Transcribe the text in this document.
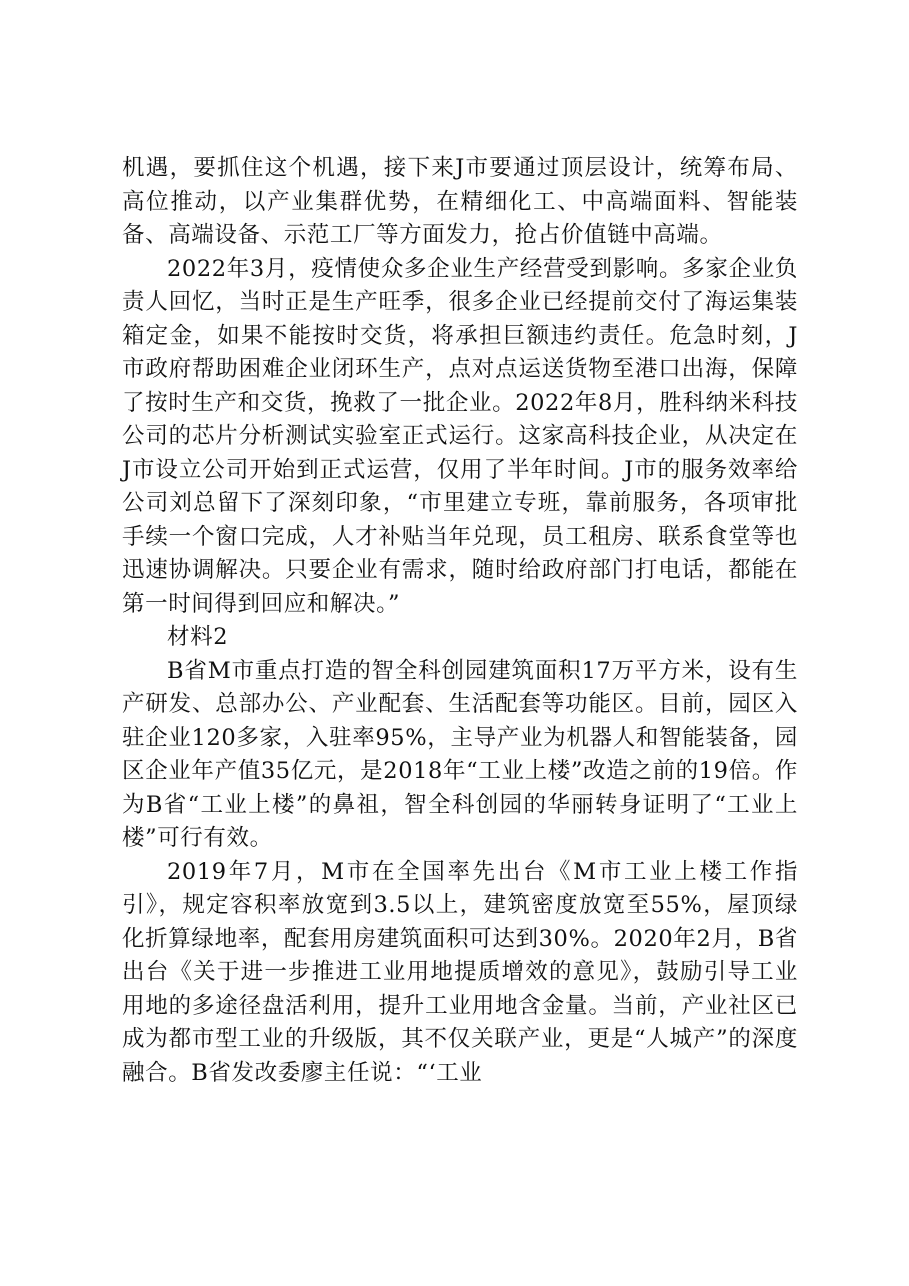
机遇，要抓住这个机遇，接下来J市要通过顶层设计，统筹布局、高位推动，以产业集群优势，在精细化工、中高端面料、智能装备、高端设备、示范工厂等方面发力，抢占价值链中高端。

2022年3月，疫情使众多企业生产经营受到影响。多家企业负责人回忆，当时正是生产旺季，很多企业已经提前交付了海运集装箱定金，如果不能按时交货，将承担巨额违约责任。危急时刻，J市政府帮助困难企业闭环生产，点对点运送货物至港口出海，保障了按时生产和交货，挽救了一批企业。2022年8月，胜科纳米科技公司的芯片分析测试实验室正式运行。这家高科技企业，从决定在J市设立公司开始到正式运营，仅用了半年时间。J市的服务效率给公司刘总留下了深刻印象，“市里建立专班，靠前服务，各项审批手续一个窗口完成，人才补贴当年兑现，员工租房、联系食堂等也迅速协调解决。只要企业有需求，随时给政府部门打电话，都能在第一时间得到回应和解决。”

材料2

B省M市重点打造的智全科创园建筑面积17万平方米，设有生产研发、总部办公、产业配套、生活配套等功能区。目前，园区入驻企业120多家，入驻率95%，主导产业为机器人和智能装备，园区企业年产值35亿元，是2018年“工业上楼”改造之前的19倍。作为B省“工业上楼”的鼻祖，智全科创园的华丽转身证明了“工业上楼”可行有效。

2019年7月，M市在全国率先出台《M市工业上楼工作指引》，规定容积率放宽到3.5以上，建筑密度放宽至55%，屋顶绿化折算绿地率，配套用房建筑面积可达到30%。2020年2月，B省出台《关于进一步推进工业用地提质增效的意见》，鼓励引导工业用地的多途径盘活利用，提升工业用地含金量。当前，产业社区已成为都市型工业的升级版，其不仅关联产业，更是“人城产”的深度融合。B省发改委廖主任说：“‘工业
